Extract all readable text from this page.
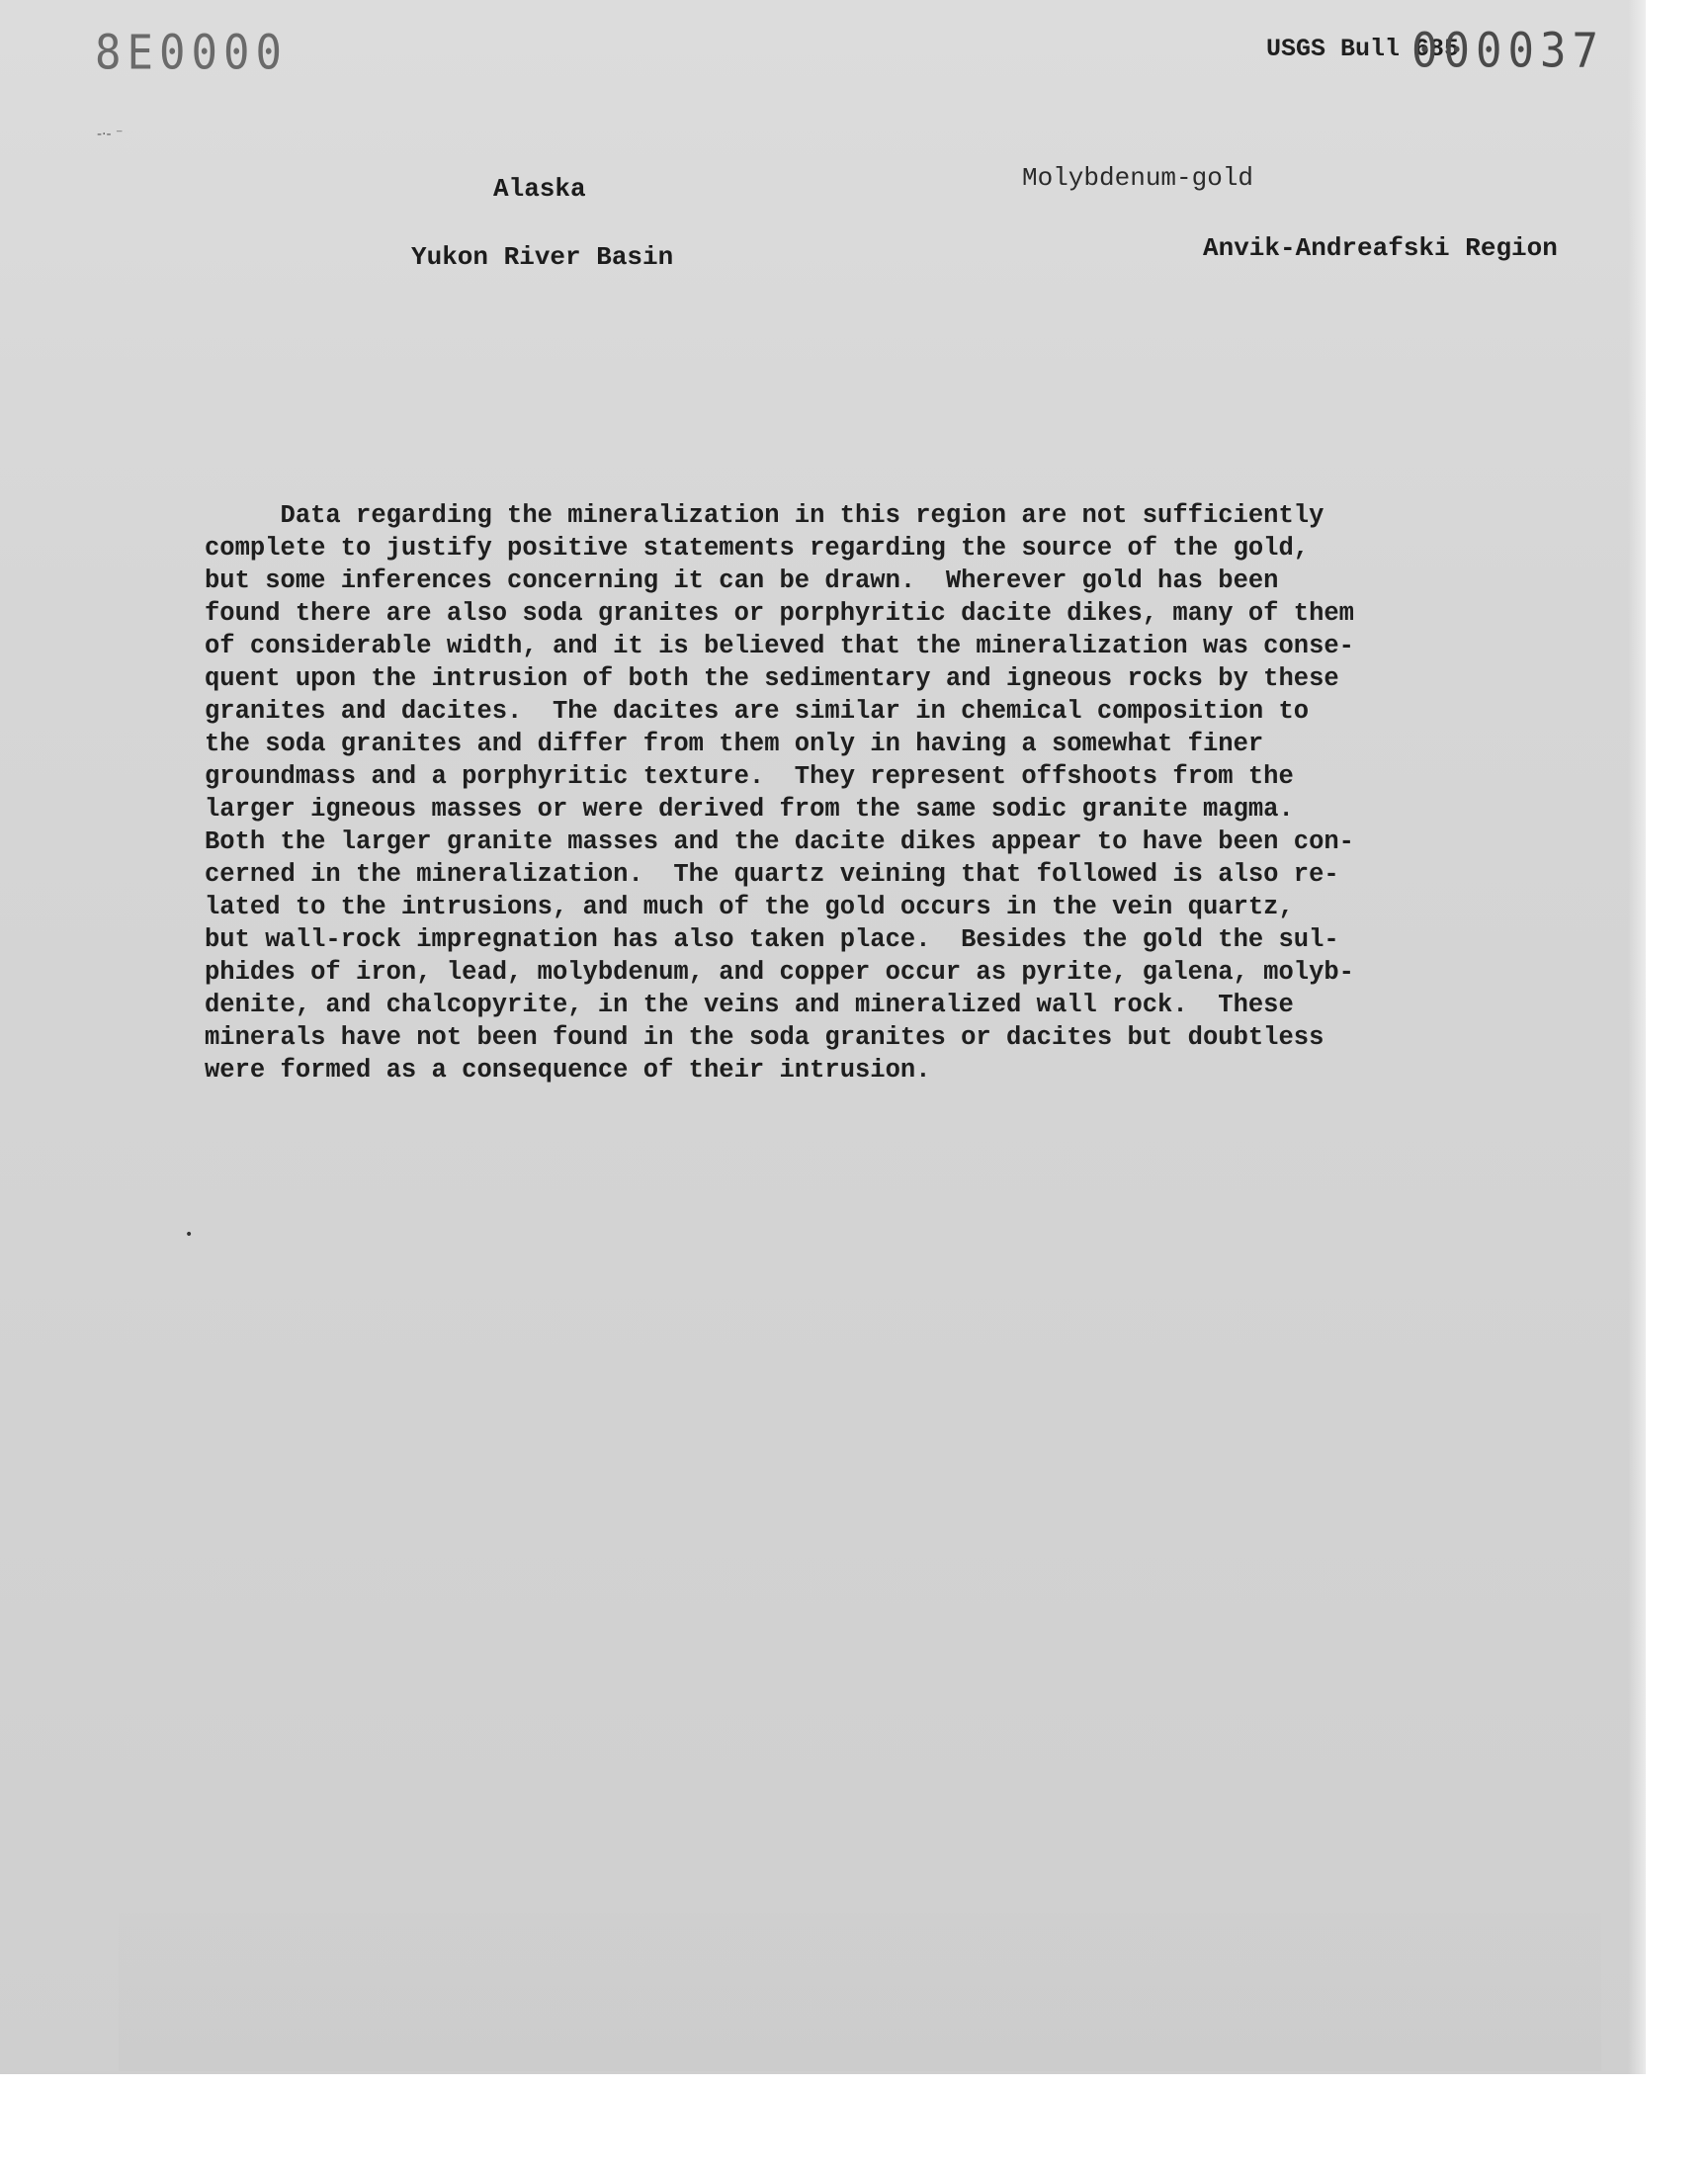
8E0000	USGS Bull 685
000037
-·‐ ⁻
•
Alaska	Molybdenum-gold
Yukon River Basin	Anvik-Andreafski Region
Data regarding the mineralization in this region are not sufficiently
complete to justify positive statements regarding the source of the gold,
but some inferences concerning it can be drawn.  Wherever gold has been
found there are also soda granites or porphyritic dacite dikes, many of them
of considerable width, and it is believed that the mineralization was conse-
quent upon the intrusion of both the sedimentary and igneous rocks by these
granites and dacites.  The dacites are similar in chemical composition to
the soda granites and differ from them only in having a somewhat finer
groundmass and a porphyritic texture.  They represent offshoots from the
larger igneous masses or were derived from the same sodic granite magma.
Both the larger granite masses and the dacite dikes appear to have been con-
cerned in the mineralization.  The quartz veining that followed is also re-
lated to the intrusions, and much of the gold occurs in the vein quartz,
but wall-rock impregnation has also taken place.  Besides the gold the sul-
phides of iron, lead, molybdenum, and copper occur as pyrite, galena, molyb-
denite, and chalcopyrite, in the veins and mineralized wall rock.  These
minerals have not been found in the soda granites or dacites but doubtless
were formed as a consequence of their intrusion.
